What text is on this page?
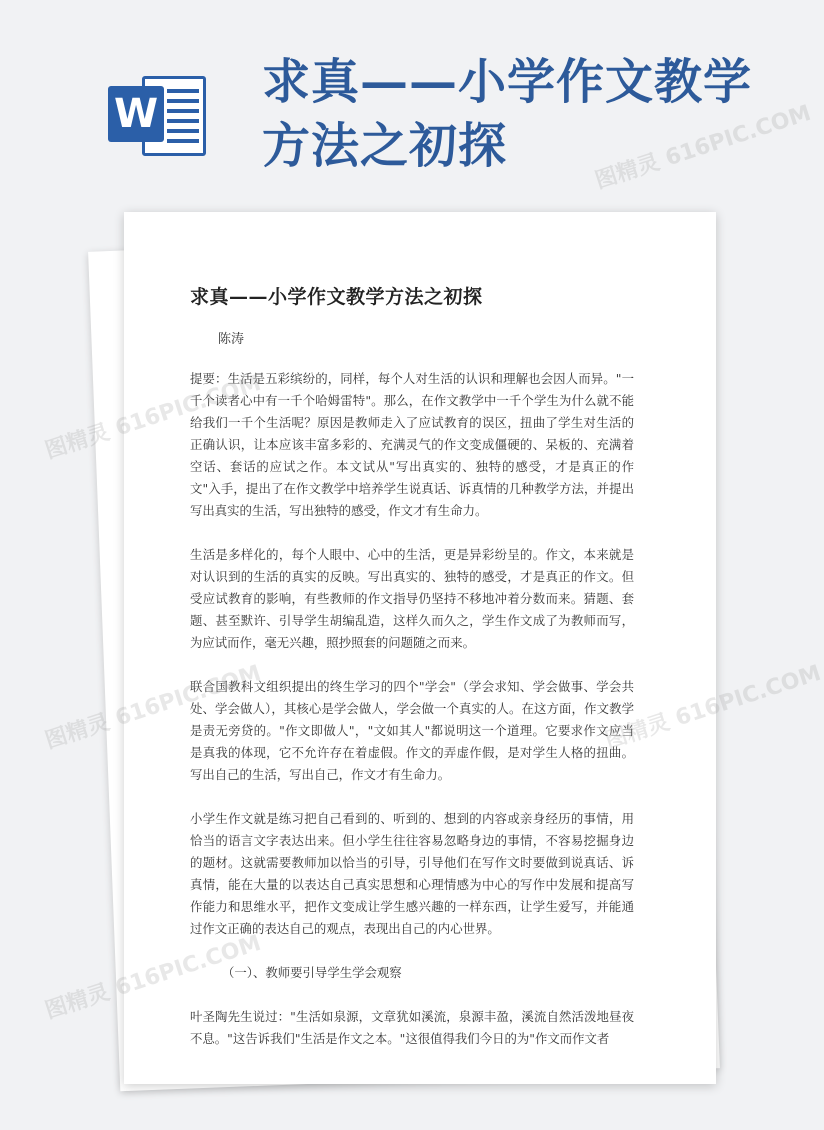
W
求真——小学作文教学方法之初探
求真——小学作文教学方法之初探
陈涛

提要：生活是五彩缤纷的，同样，每个人对生活的认识和理解也会因人而异。"一千个读者心中有一千个哈姆雷特"。那么，在作文教学中一千个学生为什么就不能给我们一千个生活呢？原因是教师走入了应试教育的误区，扭曲了学生对生活的正确认识，让本应该丰富多彩的、充满灵气的作文变成僵硬的、呆板的、充满着空话、套话的应试之作。本文试从"写出真实的、独特的感受，才是真正的作文"入手，提出了在作文教学中培养学生说真话、诉真情的几种教学方法，并提出写出真实的生活，写出独特的感受，作文才有生命力。

生活是多样化的，每个人眼中、心中的生活，更是异彩纷呈的。作文，本来就是对认识到的生活的真实的反映。写出真实的、独特的感受，才是真正的作文。但受应试教育的影响，有些教师的作文指导仍坚持不移地冲着分数而来。猜题、套题、甚至默许、引导学生胡编乱造，这样久而久之，学生作文成了为教师而写，为应试而作，毫无兴趣，照抄照套的问题随之而来。

联合国教科文组织提出的终生学习的四个"学会"（学会求知、学会做事、学会共处、学会做人），其核心是学会做人，学会做一个真实的人。在这方面，作文教学是责无旁贷的。"作文即做人"，"文如其人"都说明这一个道理。它要求作文应当是真我的体现，它不允许存在着虚假。作文的弄虚作假，是对学生人格的扭曲。写出自己的生活，写出自己，作文才有生命力。

小学生作文就是练习把自己看到的、听到的、想到的内容或亲身经历的事情，用恰当的语言文字表达出来。但小学生往往容易忽略身边的事情，不容易挖掘身边的题材。这就需要教师加以恰当的引导，引导他们在写作文时要做到说真话、诉真情，能在大量的以表达自己真实思想和心理情感为中心的写作中发展和提高写作能力和思维水平，把作文变成让学生感兴趣的一样东西，让学生爱写，并能通过作文正确的表达自己的观点，表现出自己的内心世界。

（一）、教师要引导学生学会观察

叶圣陶先生说过："生活如泉源，文章犹如溪流，泉源丰盈，溪流自然活泼地昼夜不息。"这告诉我们"生活是作文之本。"这很值得我们今日的为"作文而作文者

图精灵 616PIC.COM
图精灵 616PIC.COM
图精灵 616PIC.COM
图精灵 616PIC.COM
图精灵 616PIC.COM
